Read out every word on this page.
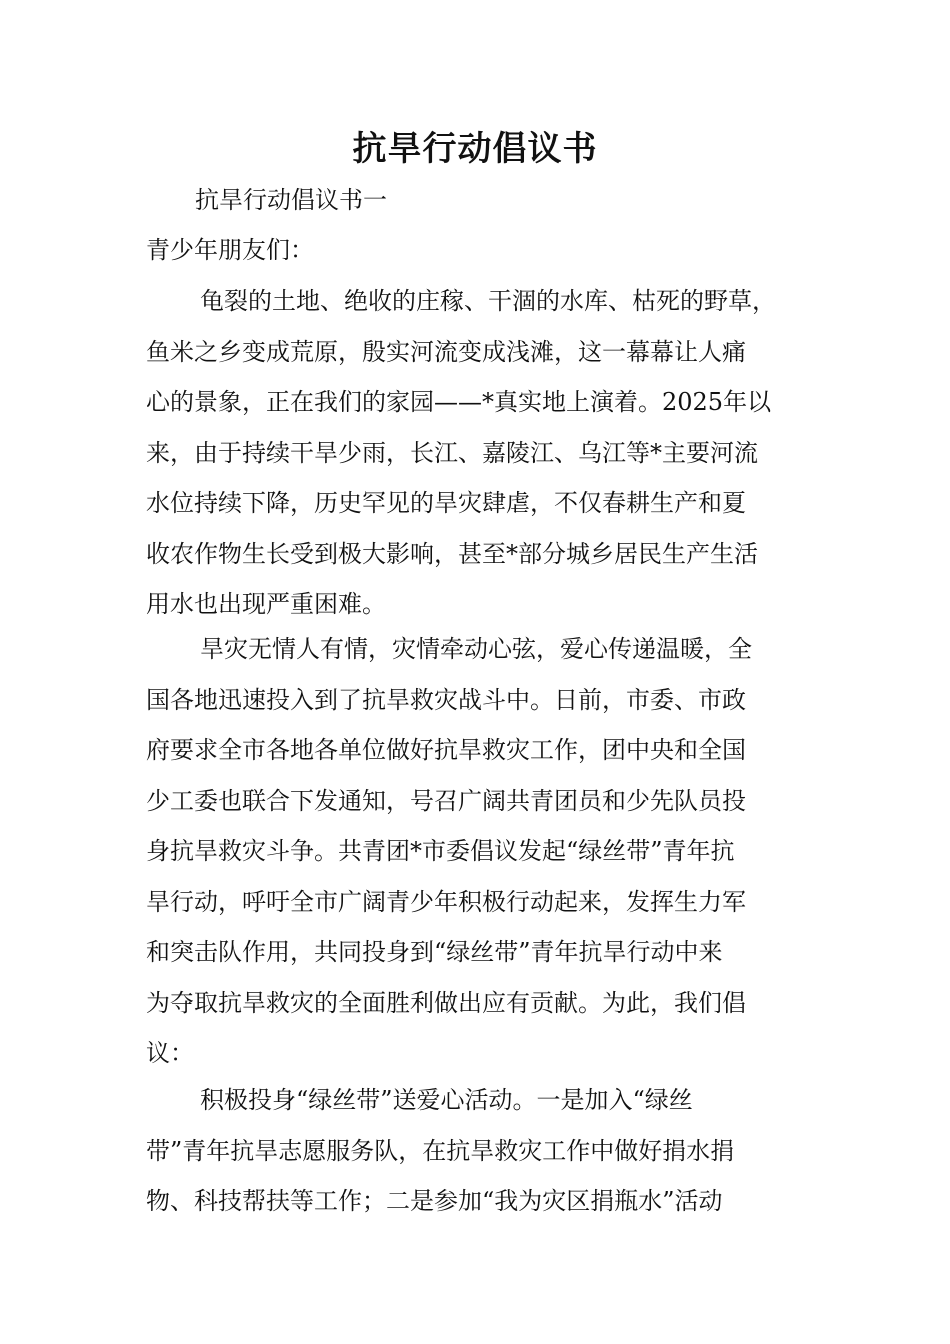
抗旱行动倡议书
抗旱行动倡议书一
青少年朋友们：
龟裂的土地、绝收的庄稼、干涸的水库、枯死的野草，
鱼米之乡变成荒原，殷实河流变成浅滩，这一幕幕让人痛
心的景象，正在我们的家园——*真实地上演着。2025年以
来，由于持续干旱少雨，长江、嘉陵江、乌江等*主要河流
水位持续下降，历史罕见的旱灾肆虐，不仅春耕生产和夏
收农作物生长受到极大影响，甚至*部分城乡居民生产生活
用水也出现严重困难。
旱灾无情人有情，灾情牵动心弦，爱心传递温暖，全
国各地迅速投入到了抗旱救灾战斗中。日前，市委、市政
府要求全市各地各单位做好抗旱救灾工作，团中央和全国
少工委也联合下发通知，号召广阔共青团员和少先队员投
身抗旱救灾斗争。共青团*市委倡议发起“绿丝带”青年抗
旱行动，呼吁全市广阔青少年积极行动起来，发挥生力军
和突击队作用，共同投身到“绿丝带”青年抗旱行动中来
为夺取抗旱救灾的全面胜利做出应有贡献。为此，我们倡
议：
积极投身“绿丝带”送爱心活动。一是加入“绿丝
带”青年抗旱志愿服务队，在抗旱救灾工作中做好捐水捐
物、科技帮扶等工作；二是参加“我为灾区捐瓶水”活动
